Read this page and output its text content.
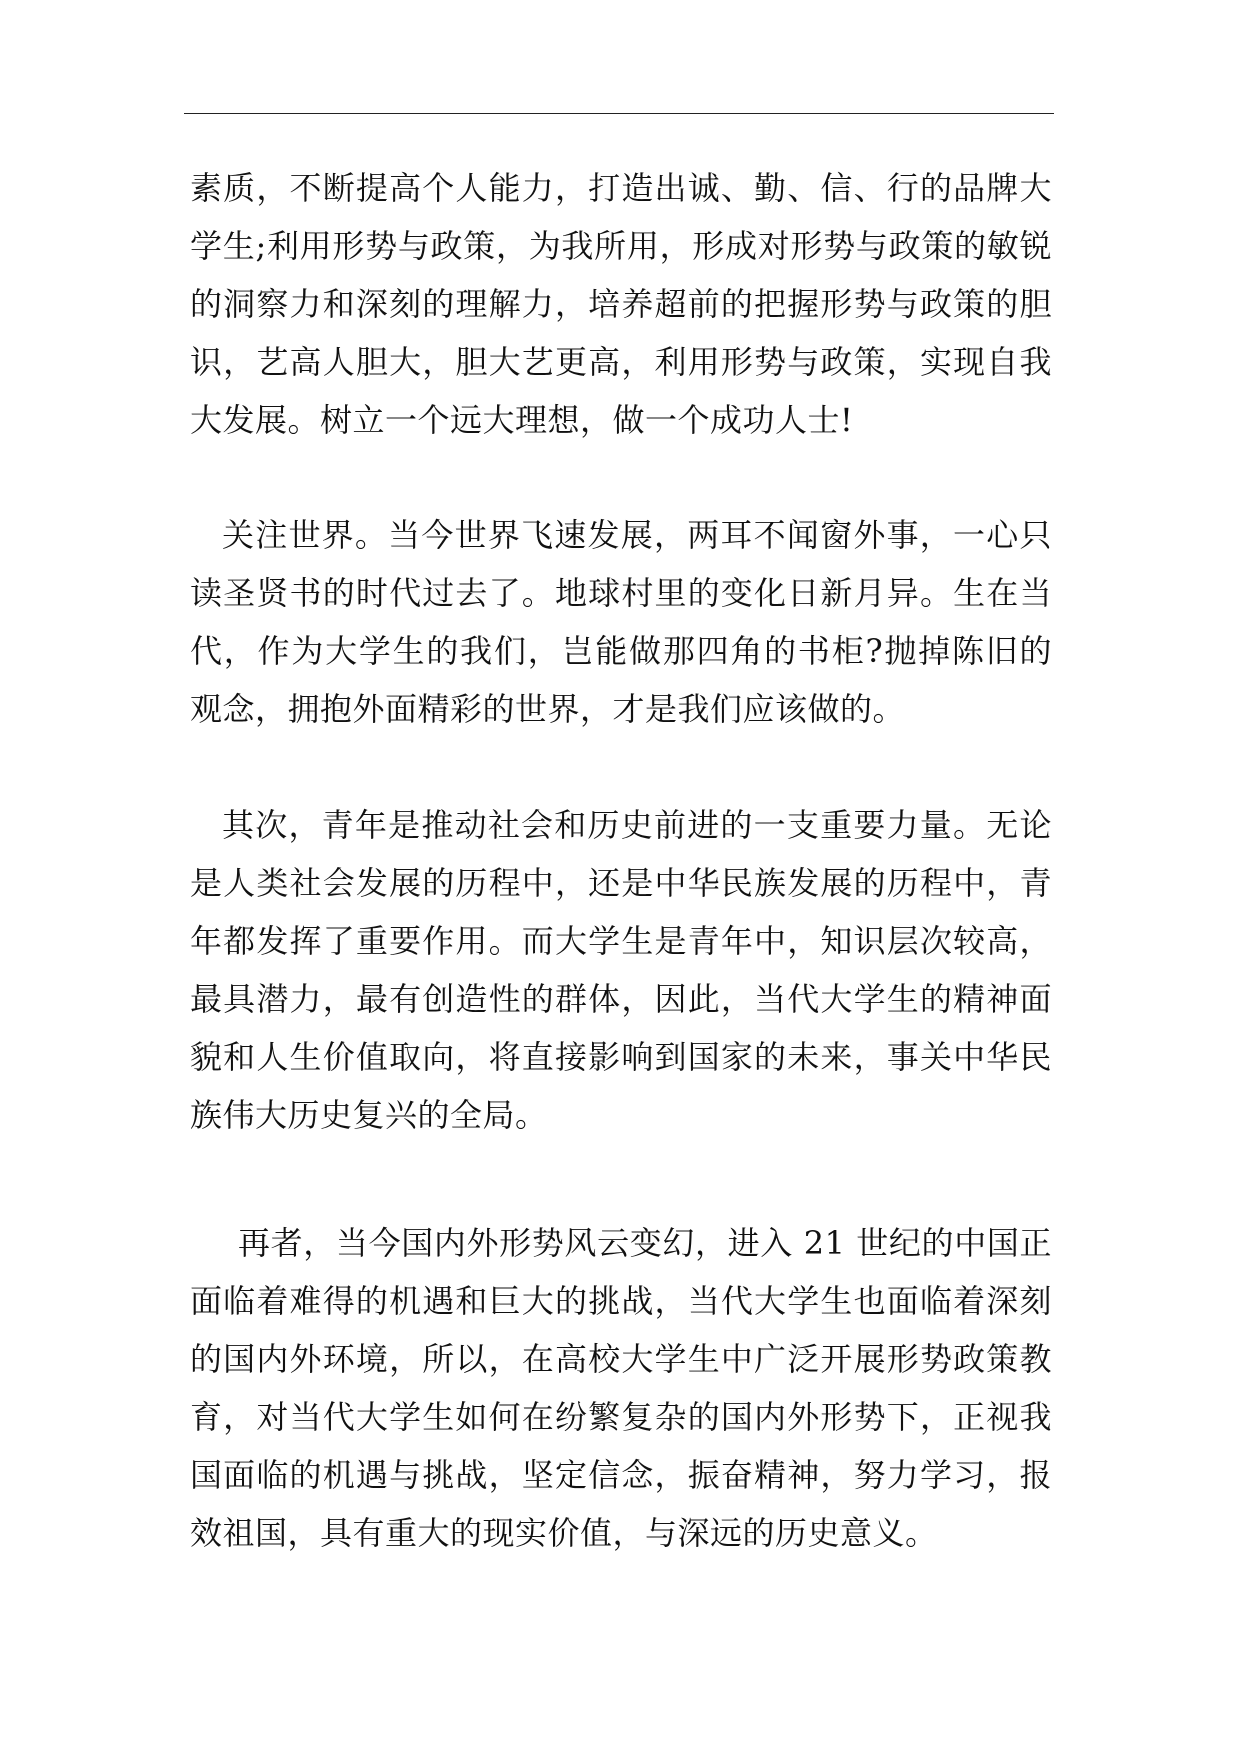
素质，不断提高个人能力，打造出诚、勤、信、行的品牌大学生;利用形势与政策，为我所用，形成对形势与政策的敏锐的洞察力和深刻的理解力，培养超前的把握形势与政策的胆识，艺高人胆大，胆大艺更高，利用形势与政策，实现自我大发展。树立一个远大理想，做一个成功人士!

关注世界。当今世界飞速发展，两耳不闻窗外事，一心只读圣贤书的时代过去了。地球村里的变化日新月异。生在当代，作为大学生的我们，岂能做那四角的书柜?抛掉陈旧的观念，拥抱外面精彩的世界，才是我们应该做的。

其次，青年是推动社会和历史前进的一支重要力量。无论是人类社会发展的历程中，还是中华民族发展的历程中，青年都发挥了重要作用。而大学生是青年中，知识层次较高，最具潜力，最有创造性的群体，因此，当代大学生的精神面貌和人生价值取向，将直接影响到国家的未来，事关中华民族伟大历史复兴的全局。

再者，当今国内外形势风云变幻，进入 21 世纪的中国正面临着难得的机遇和巨大的挑战，当代大学生也面临着深刻的国内外环境，所以，在高校大学生中广泛开展形势政策教育，对当代大学生如何在纷繁复杂的国内外形势下，正视我国面临的机遇与挑战，坚定信念，振奋精神，努力学习，报效祖国，具有重大的现实价值，与深远的历史意义。
